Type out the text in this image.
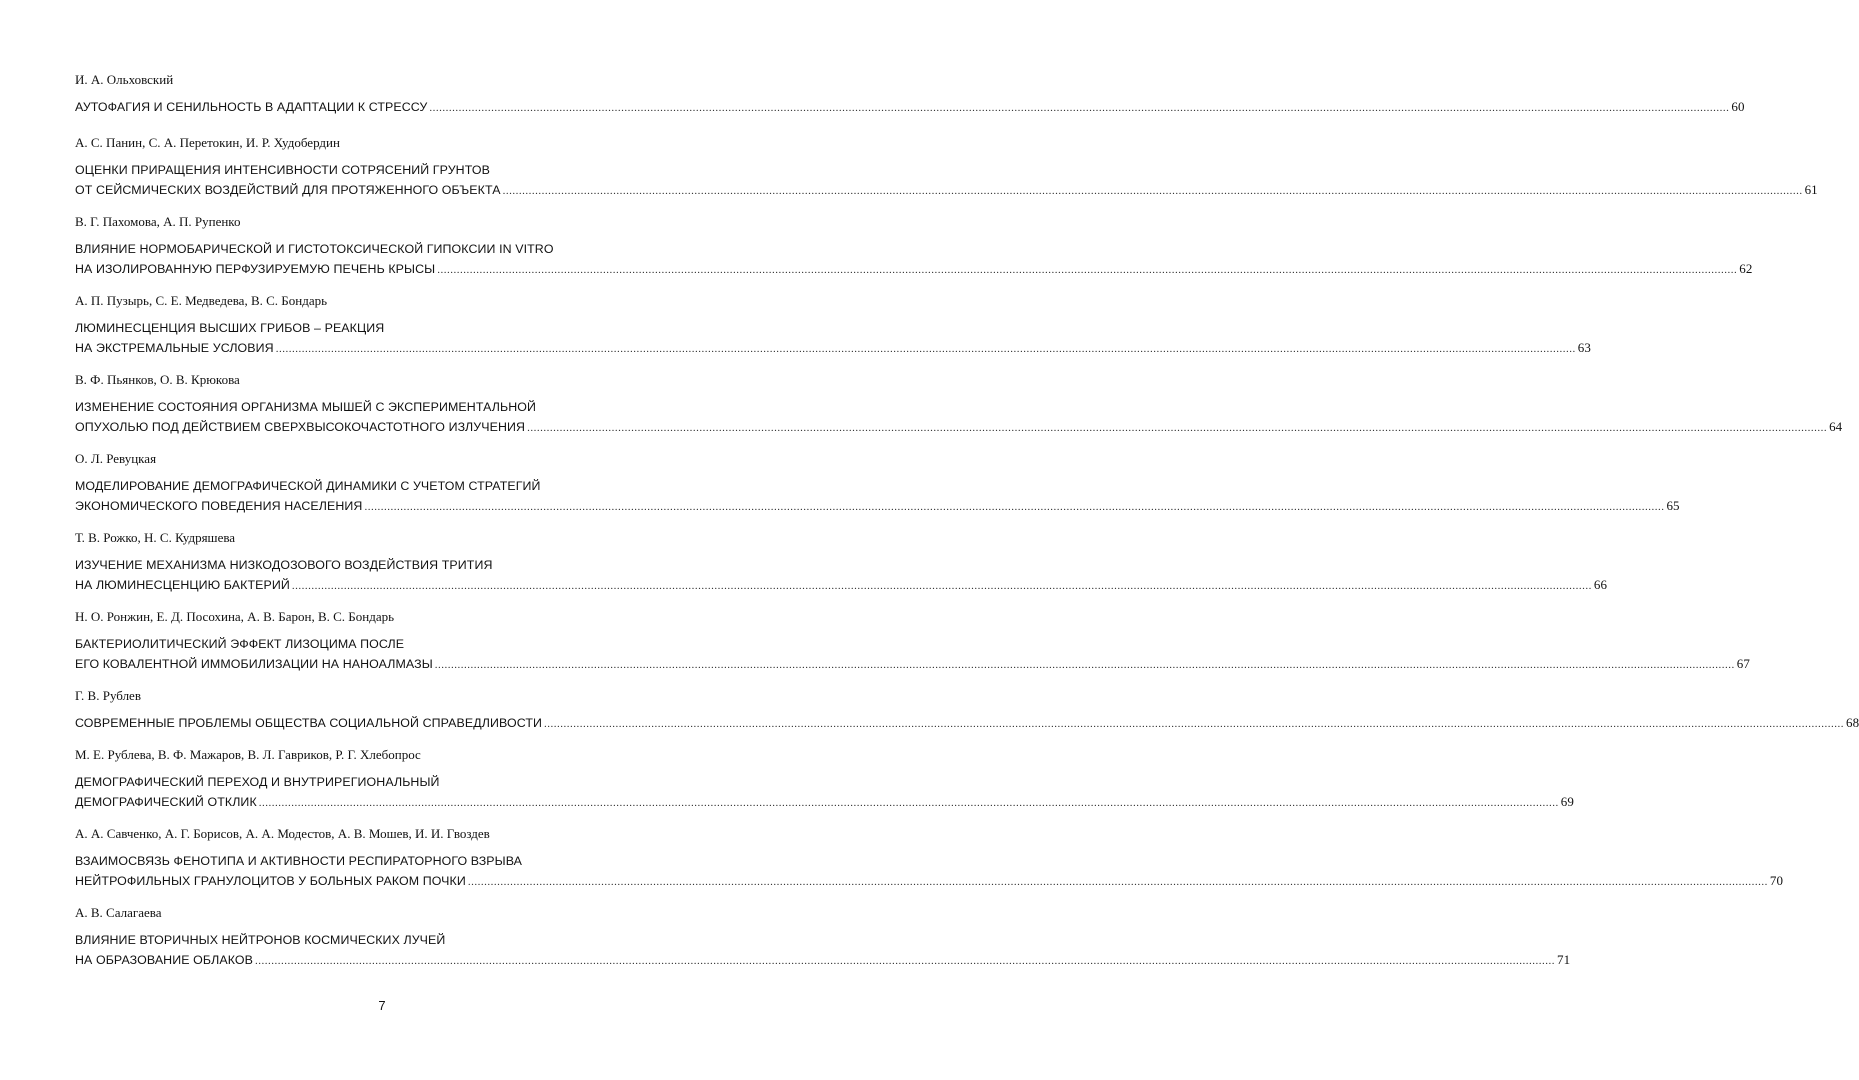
И. А. Ольховский
АУТОФАГИЯ И СЕНИЛЬНОСТЬ В АДАПТАЦИИ К СТРЕССУ ................................................................................................................................................................................................................................................................................................................................................................................................................ 60
А. С. Панин, С. А. Перетокин, И. Р. Худобердин
ОЦЕНКИ ПРИРАЩЕНИЯ ИНТЕНСИВНОСТИ СОТРЯСЕНИЙ ГРУНТОВ
ОТ СЕЙСМИЧЕСКИХ ВОЗДЕЙСТВИЙ ДЛЯ ПРОТЯЖЕННОГО ОБЪЕКТА ................................................................................................................................................................................................................................................................................................................................................................................................................ 61
В. Г. Пахомова, А. П. Рупенко
ВЛИЯНИЕ НОРМОБАРИЧЕСКОЙ И ГИСТОТОКСИЧЕСКОЙ ГИПОКСИИ IN VITRO
НА ИЗОЛИРОВАННУЮ ПЕРФУЗИРУЕМУЮ ПЕЧЕНЬ КРЫСЫ ................................................................................................................................................................................................................................................................................................................................................................................................................ 62
А. П. Пузырь, С. Е. Медведева, В. С. Бондарь
ЛЮМИНЕСЦЕНЦИЯ ВЫСШИХ ГРИБОВ – РЕАКЦИЯ
НА ЭКСТРЕМАЛЬНЫЕ УСЛОВИЯ ................................................................................................................................................................................................................................................................................................................................................................................................................ 63
В. Ф. Пьянков, О. В. Крюкова
ИЗМЕНЕНИЕ СОСТОЯНИЯ ОРГАНИЗМА МЫШЕЙ С ЭКСПЕРИМЕНТАЛЬНОЙ
ОПУХОЛЬЮ ПОД ДЕЙСТВИЕМ СВЕРХВЫСОКОЧАСТОТНОГО ИЗЛУЧЕНИЯ ................................................................................................................................................................................................................................................................................................................................................................................................................ 64
О. Л. Ревуцкая
МОДЕЛИРОВАНИЕ ДЕМОГРАФИЧЕСКОЙ ДИНАМИКИ С УЧЕТОМ СТРАТЕГИЙ
ЭКОНОМИЧЕСКОГО ПОВЕДЕНИЯ НАСЕЛЕНИЯ ................................................................................................................................................................................................................................................................................................................................................................................................................ 65
Т. В. Рожко, Н. С. Кудряшева
ИЗУЧЕНИЕ МЕХАНИЗМА НИЗКОДОЗОВОГО ВОЗДЕЙСТВИЯ ТРИТИЯ
НА ЛЮМИНЕСЦЕНЦИЮ БАКТЕРИЙ ................................................................................................................................................................................................................................................................................................................................................................................................................ 66
Н. О. Ронжин, Е. Д. Посохина, А. В. Барон, В. С. Бондарь
БАКТЕРИОЛИТИЧЕСКИЙ ЭФФЕКТ ЛИЗОЦИМА ПОСЛЕ
ЕГО КОВАЛЕНТНОЙ ИММОБИЛИЗАЦИИ НА НАНОАЛМАЗЫ ................................................................................................................................................................................................................................................................................................................................................................................................................ 67
Г. В. Рублев
СОВРЕМЕННЫЕ ПРОБЛЕМЫ ОБЩЕСТВА СОЦИАЛЬНОЙ СПРАВЕДЛИВОСТИ ................................................................................................................................................................................................................................................................................................................................................................................................................ 68
М. Е. Рублева, В. Ф. Мажаров, В. Л. Гавриков, Р. Г. Хлебопрос
ДЕМОГРАФИЧЕСКИЙ ПЕРЕХОД И ВНУТРИРЕГИОНАЛЬНЫЙ
ДЕМОГРАФИЧЕСКИЙ ОТКЛИК ................................................................................................................................................................................................................................................................................................................................................................................................................ 69
А. А. Савченко, А. Г. Борисов, А. А. Модестов, А. В. Мошев, И. И. Гвоздев
ВЗАИМОСВЯЗЬ ФЕНОТИПА И АКТИВНОСТИ РЕСПИРАТОРНОГО ВЗРЫВА
НЕЙТРОФИЛЬНЫХ ГРАНУЛОЦИТОВ У БОЛЬНЫХ РАКОМ ПОЧКИ ................................................................................................................................................................................................................................................................................................................................................................................................................ 70
А. В. Салагаева
ВЛИЯНИЕ ВТОРИЧНЫХ НЕЙТРОНОВ КОСМИЧЕСКИХ ЛУЧЕЙ
НА ОБРАЗОВАНИЕ ОБЛАКОВ ................................................................................................................................................................................................................................................................................................................................................................................................................ 71
7
